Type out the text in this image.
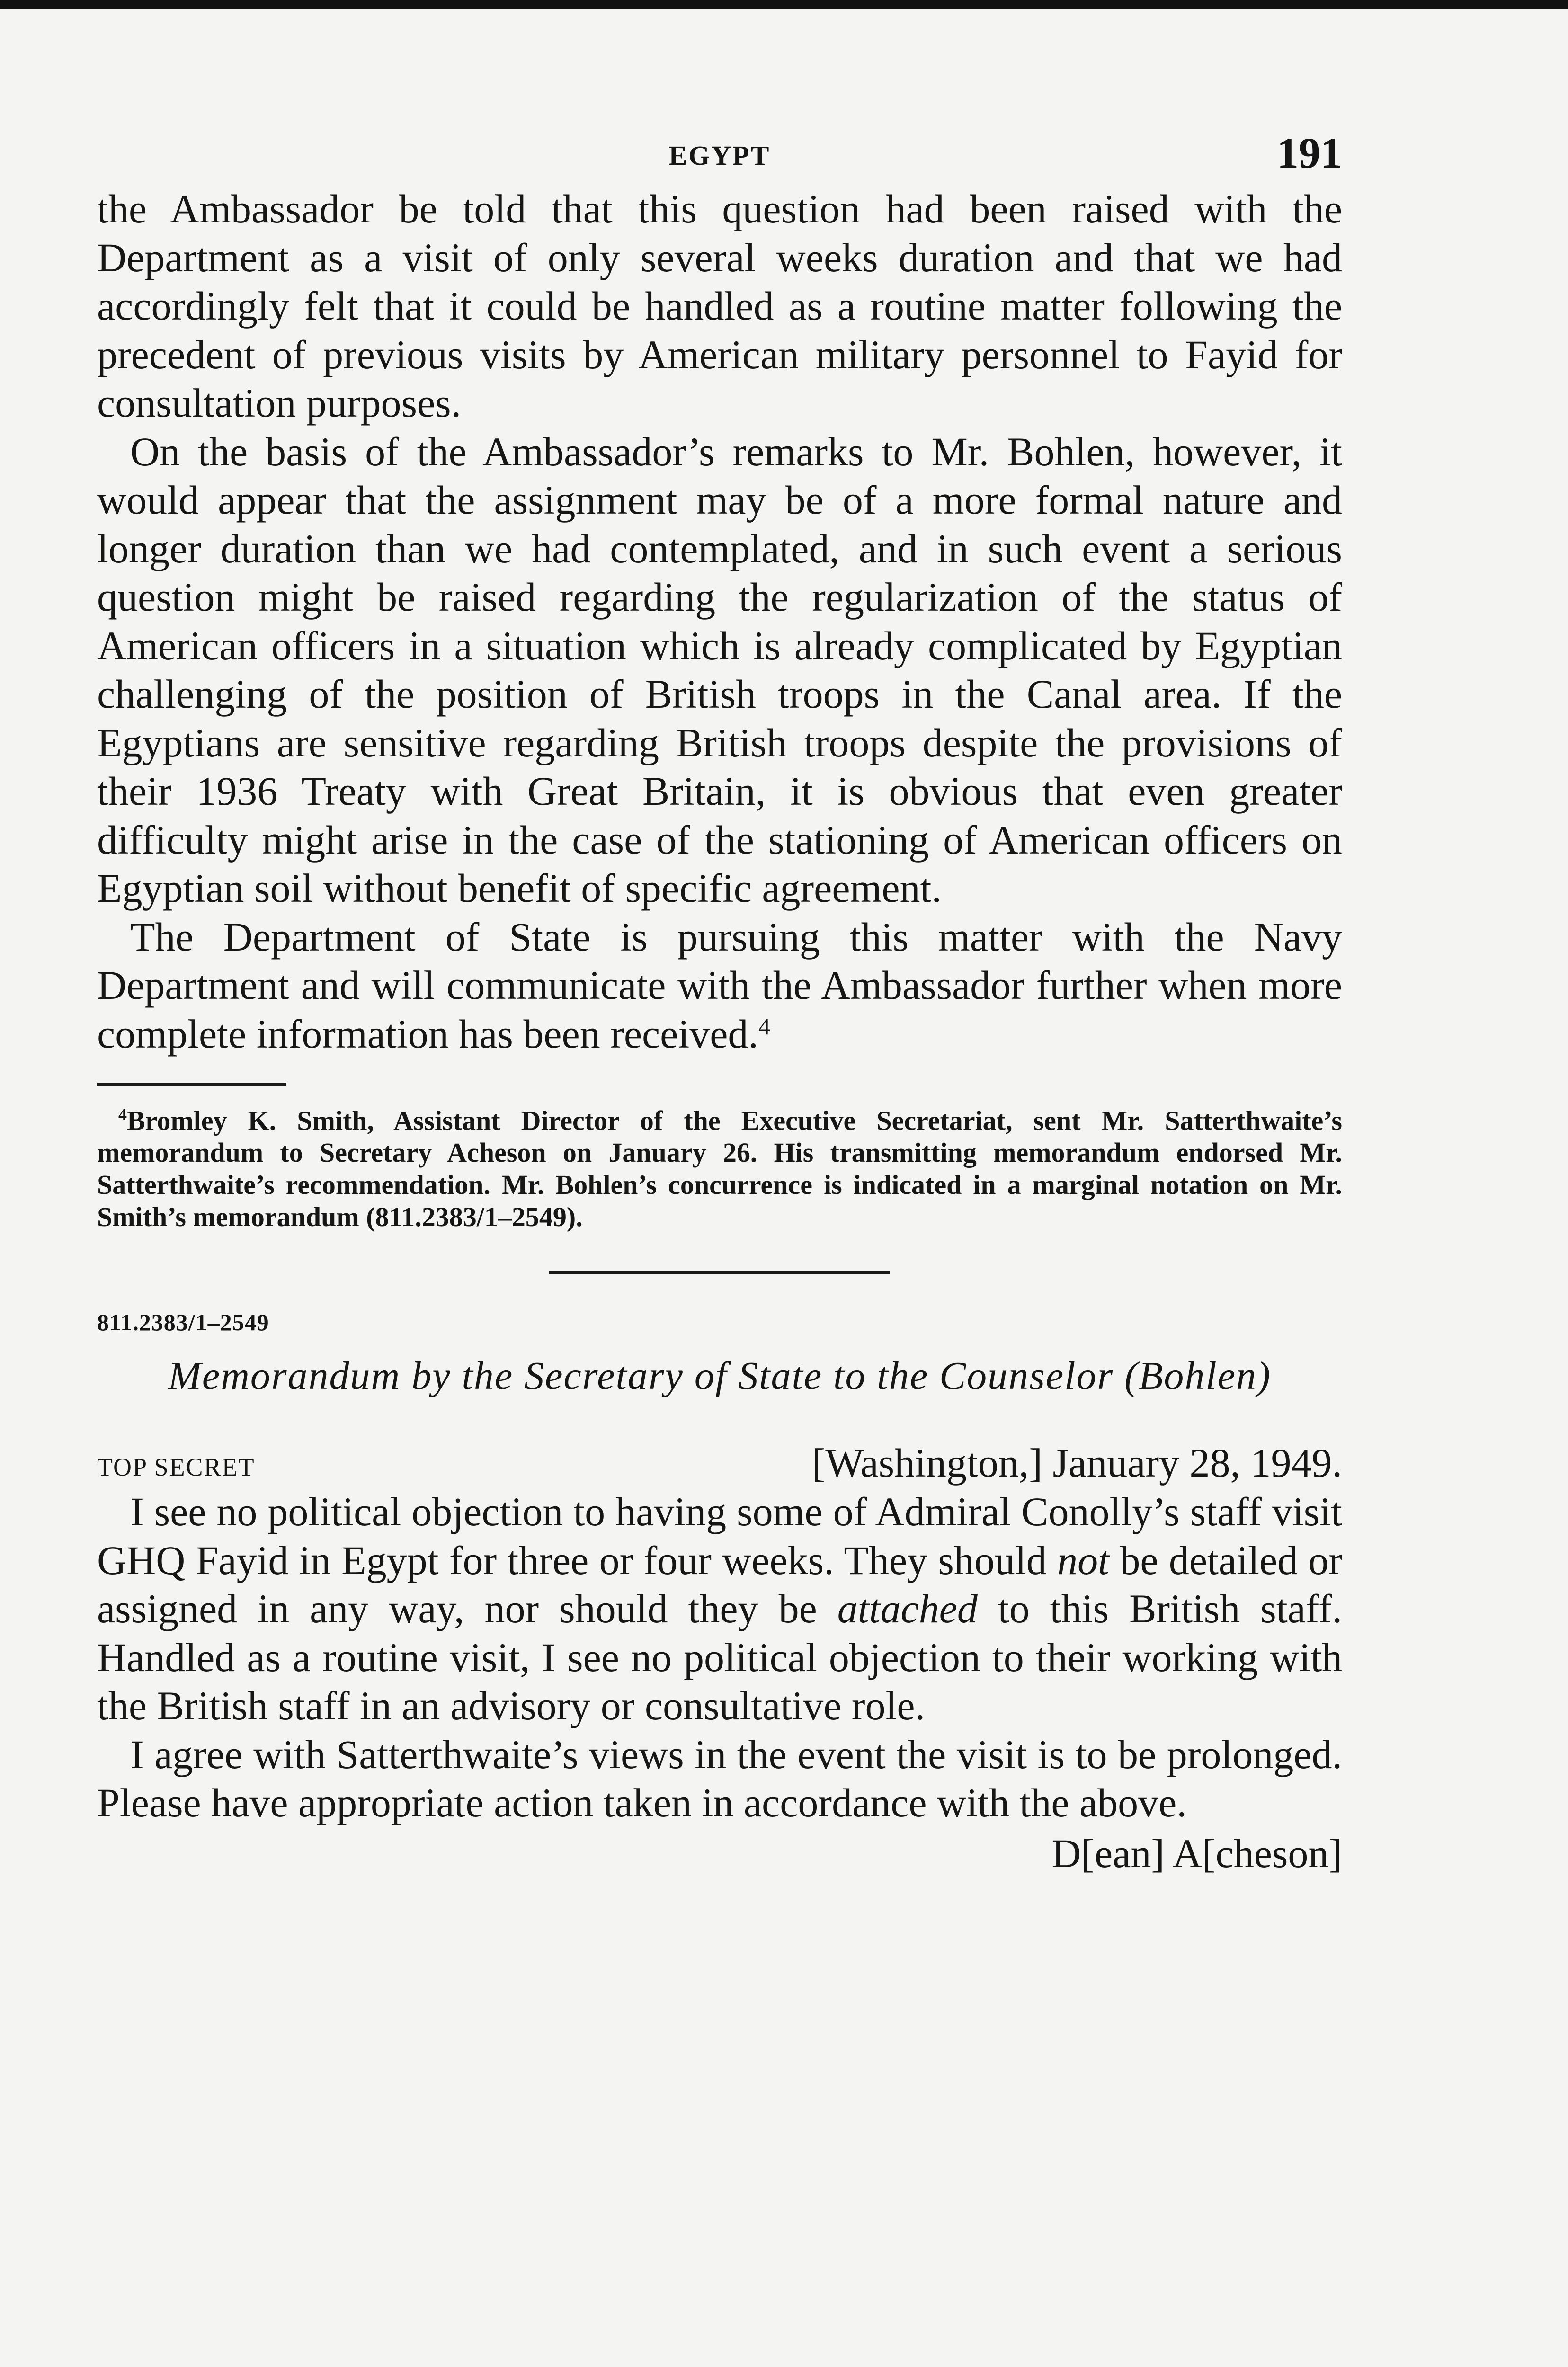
EGYPT	191

the Ambassador be told that this question had been raised with the Department as a visit of only several weeks duration and that we had accordingly felt that it could be handled as a routine matter following the precedent of previous visits by American military personnel to Fayid for consultation purposes.

On the basis of the Ambassador’s remarks to Mr. Bohlen, however, it would appear that the assignment may be of a more formal nature and longer duration than we had contemplated, and in such event a serious question might be raised regarding the regularization of the status of American officers in a situation which is already complicated by Egyptian challenging of the position of British troops in the Canal area. If the Egyptians are sensitive regarding British troops despite the provisions of their 1936 Treaty with Great Britain, it is obvious that even greater difficulty might arise in the case of the stationing of American officers on Egyptian soil without benefit of specific agreement.

The Department of State is pursuing this matter with the Navy Department and will communicate with the Ambassador further when more complete information has been received.$^4$

$^4$Bromley K. Smith, Assistant Director of the Executive Secretariat, sent Mr. Satterthwaite’s memorandum to Secretary Acheson on January 26. His transmitting memorandum endorsed Mr. Satterthwaite’s recommendation. Mr. Bohlen’s concurrence is indicated in a marginal notation on Mr. Smith’s memorandum (811.2383/1–2549).

811.2383/1–2549
Memorandum by the Secretary of State to the Counselor (Bohlen)
TOP SECRET	[Washington,] January 28, 1949.

I see no political objection to having some of Admiral Conolly’s staff visit GHQ Fayid in Egypt for three or four weeks. They should not be detailed or assigned in any way, nor should they be attached to this British staff. Handled as a routine visit, I see no political objection to their working with the British staff in an advisory or consultative role.

I agree with Satterthwaite’s views in the event the visit is to be prolonged. Please have appropriate action taken in accordance with the above.

D[ean] A[cheson]
